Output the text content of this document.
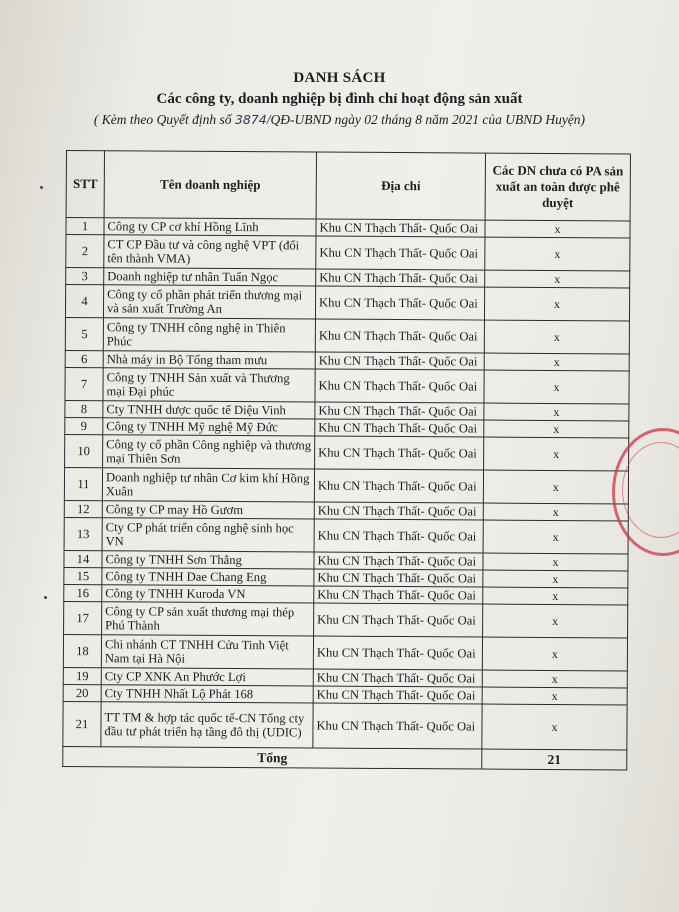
DANH SÁCH
Các công ty, doanh nghiệp bị đình chỉ hoạt động sản xuất
( Kèm theo Quyết định số 3874/QĐ-UBND ngày 02 tháng 8 năm 2021 của UBND Huyện)
STT	Tên doanh nghiệp	Địa chỉ	Các DN chưa có PA sản xuất an toàn được phê duyệt
1	Công ty CP cơ khí Hồng Lĩnh	Khu CN Thạch Thất- Quốc Oai	x
2	CT CP Đầu tư và công nghệ VPT (đổi tên thành VMA)	Khu CN Thạch Thất- Quốc Oai	x
3	Doanh nghiệp tư nhân Tuấn Ngọc	Khu CN Thạch Thất- Quốc Oai	x
4	Công ty cổ phần phát triển thương mại và sản xuất Trường An	Khu CN Thạch Thất- Quốc Oai	x
5	Công ty TNHH công nghệ in Thiên Phúc	Khu CN Thạch Thất- Quốc Oai	x
6	Nhà máy in Bộ Tổng tham mưu	Khu CN Thạch Thất- Quốc Oai	x
7	Công ty TNHH Sản xuất và Thương mại Đại phúc	Khu CN Thạch Thất- Quốc Oai	x
8	Cty TNHH dược quốc tế Diệu Vinh	Khu CN Thạch Thất- Quốc Oai	x
9	Công ty TNHH Mỹ nghệ Mỹ Đức	Khu CN Thạch Thất- Quốc Oai	x
10	Công ty cổ phần Công nghiệp và thương mại Thiên Sơn	Khu CN Thạch Thất- Quốc Oai	x
11	Doanh nghiệp tư nhân Cơ kim khí Hồng Xuân	Khu CN Thạch Thất- Quốc Oai	x
12	Công ty CP may Hồ Gươm	Khu CN Thạch Thất- Quốc Oai	x
13	Cty CP phát triển công nghệ sinh học VN	Khu CN Thạch Thất- Quốc Oai	x
14	Công ty TNHH Sơn Thắng	Khu CN Thạch Thất- Quốc Oai	x
15	Công ty TNHH Dae Chang Eng	Khu CN Thạch Thất- Quốc Oai	x
16	Công ty TNHH Kuroda VN	Khu CN Thạch Thất- Quốc Oai	x
17	Công ty CP sản xuất thương mại thép Phú Thành	Khu CN Thạch Thất- Quốc Oai	x
18	Chi nhánh CT TNHH Cửu Tinh Việt Nam tại Hà Nội	Khu CN Thạch Thất- Quốc Oai	x
19	Cty CP XNK An Phước Lợi	Khu CN Thạch Thất- Quốc Oai	x
20	Cty TNHH Nhất Lộ Phát 168	Khu CN Thạch Thất- Quốc Oai	x
21	TT TM & hợp tác quốc tế-CN Tổng cty đầu tư phát triển hạ tầng đô thị (UDIC)	Khu CN Thạch Thất- Quốc Oai	x
Tổng			21
